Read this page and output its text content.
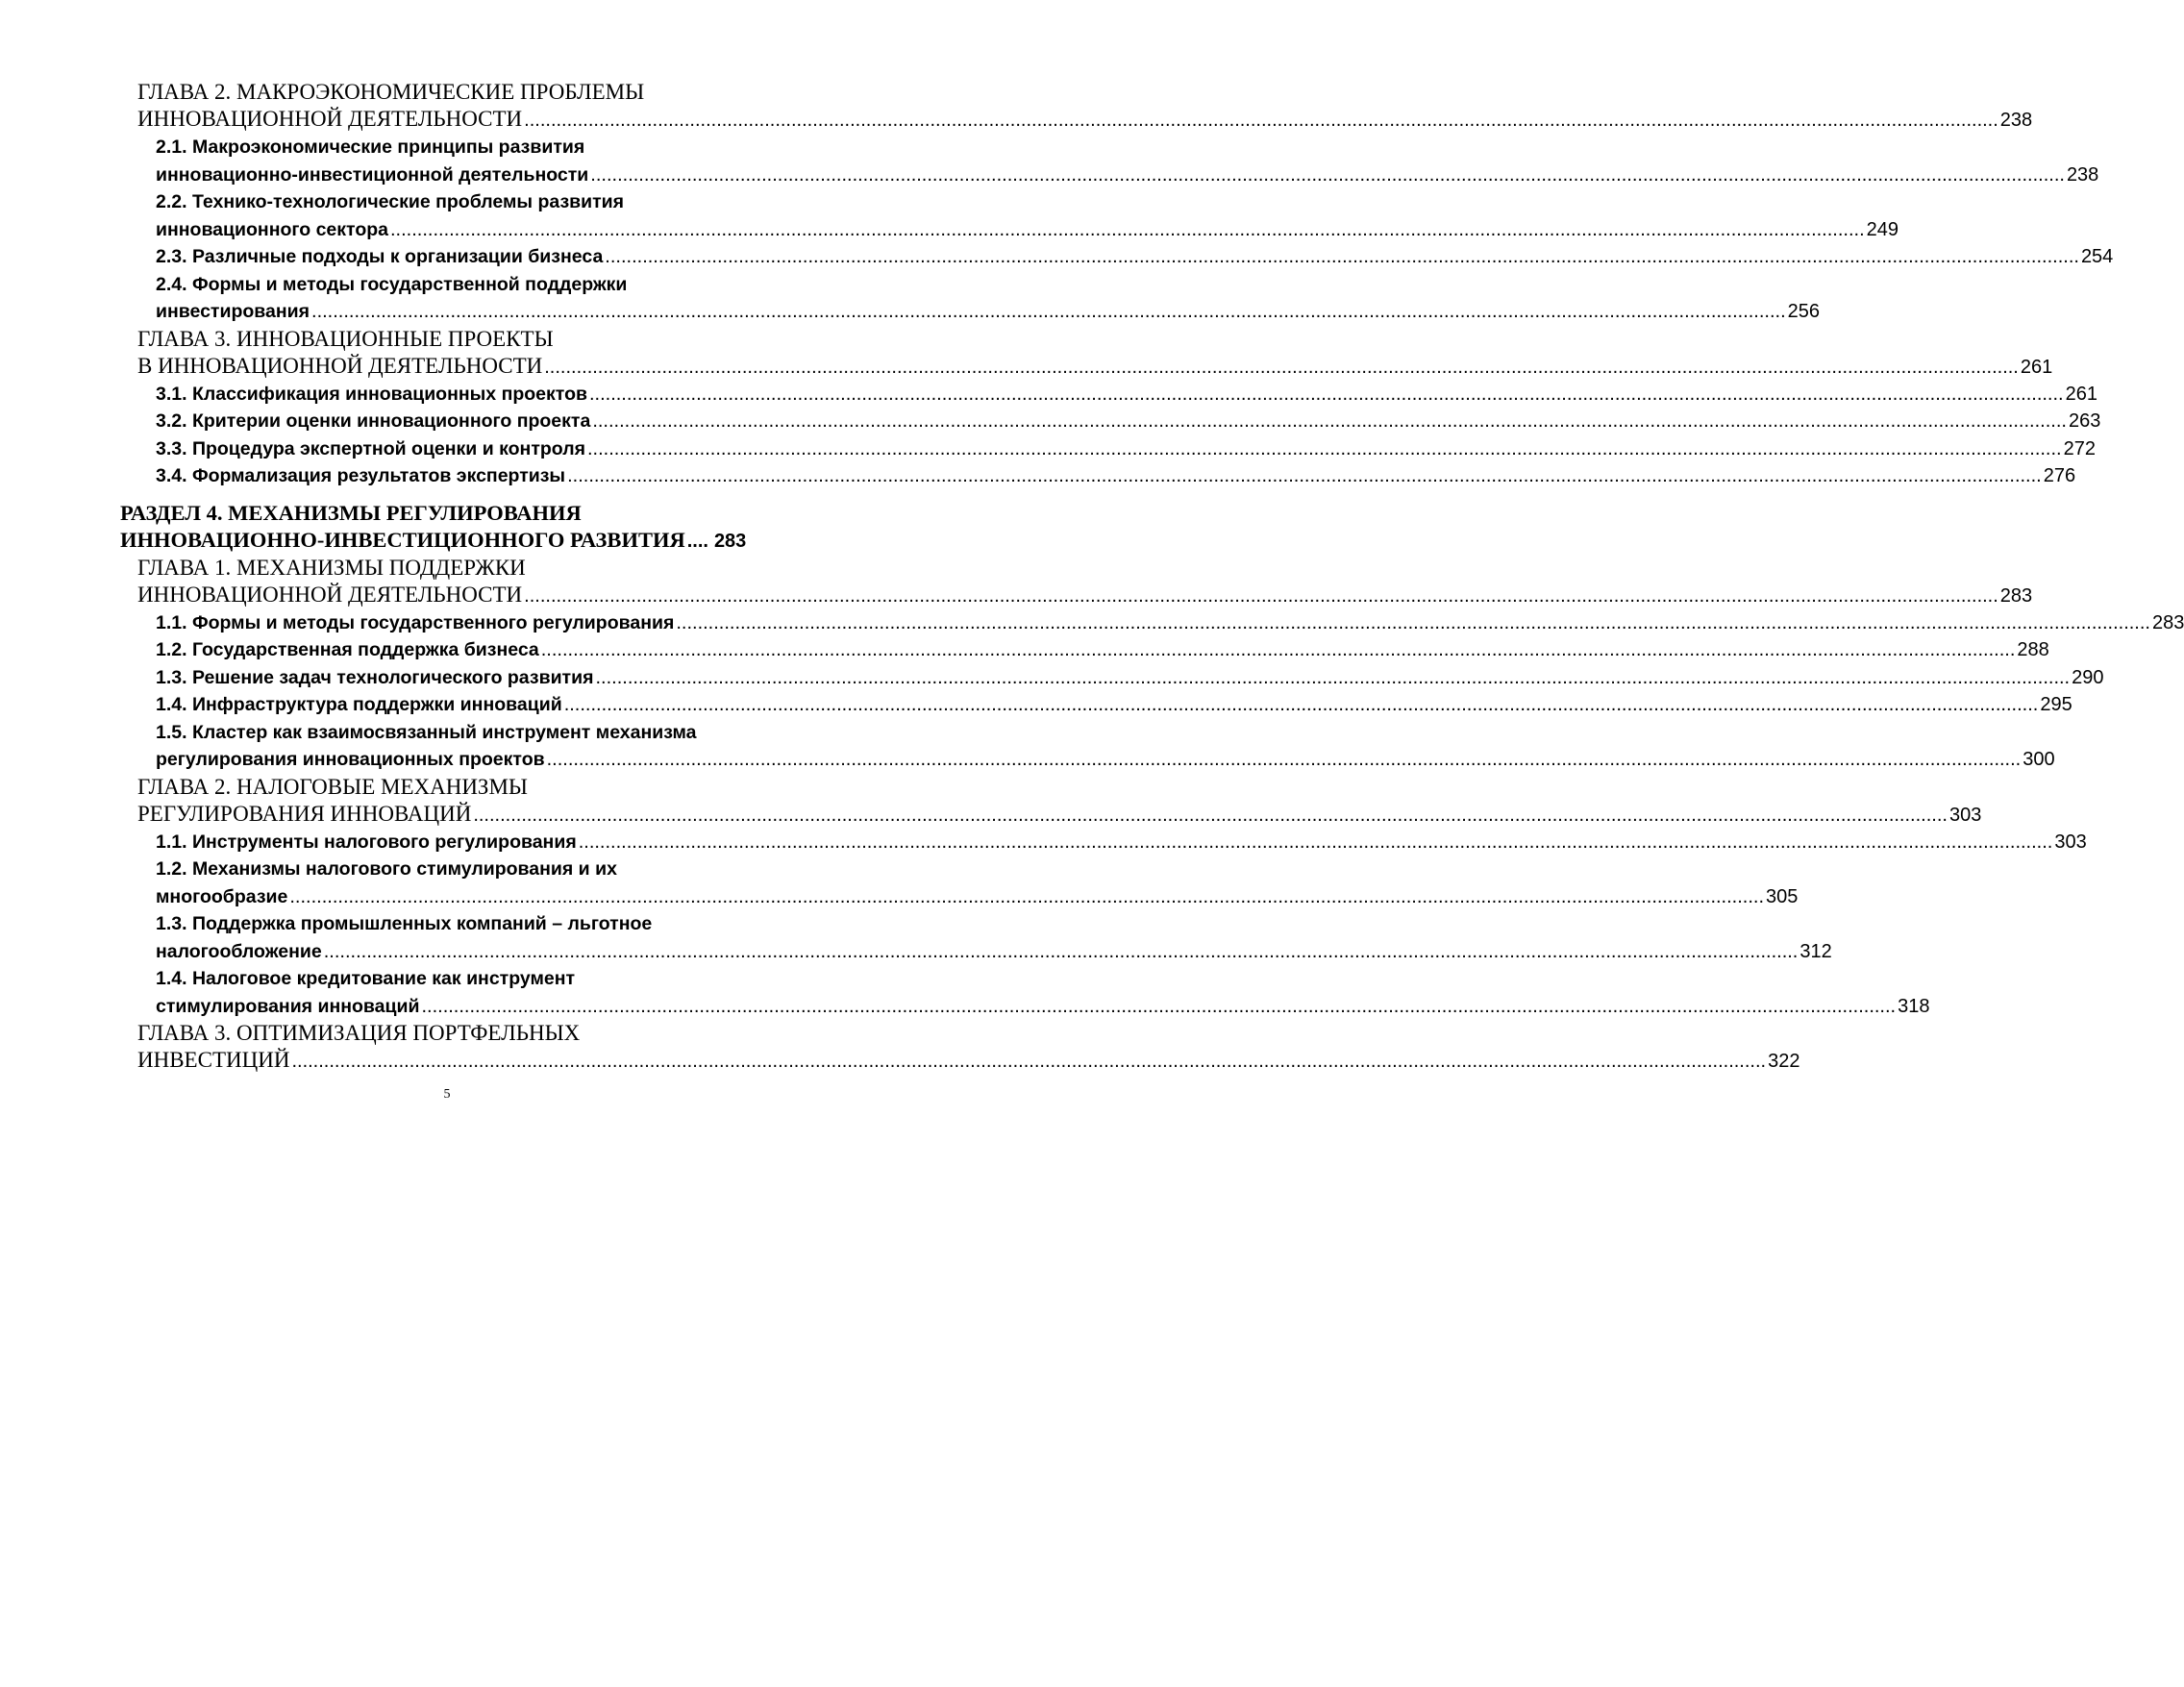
ГЛАВА 2. МАКРОЭКОНОМИЧЕСКИЕ ПРОБЛЕМЫ
ИННОВАЦИОННОЙ ДЕЯТЕЛЬНОСТИ .....	238
2.1. Макроэкономические принципы развития
инновационно-инвестиционной деятельности .....	238
2.2. Технико-технологические проблемы развития
инновационного сектора .....	249
2.3. Различные подходы к организации бизнеса .....	254
2.4. Формы и методы государственной поддержки
инвестирования .....	256
ГЛАВА 3. ИННОВАЦИОННЫЕ ПРОЕКТЫ
В ИННОВАЦИОННОЙ ДЕЯТЕЛЬНОСТИ .....	261
3.1. Классификация инновационных проектов .....	261
3.2. Критерии оценки инновационного проекта .....	263
3.3. Процедура экспертной оценки и контроля .....	272
3.4. Формализация результатов экспертизы .....	276
РАЗДЕЛ 4. МЕХАНИЗМЫ РЕГУЛИРОВАНИЯ
ИННОВАЦИОННО-ИНВЕСТИЦИОННОГО РАЗВИТИЯ .... 283
ГЛАВА 1. МЕХАНИЗМЫ ПОДДЕРЖКИ
ИННОВАЦИОННОЙ ДЕЯТЕЛЬНОСТИ .....	283
1.1. Формы и методы государственного регулирования .....	283
1.2. Государственная поддержка бизнеса .....	288
1.3. Решение задач технологического развития .....	290
1.4. Инфраструктура поддержки инноваций .....	295
1.5. Кластер как взаимосвязанный инструмент механизма
регулирования инновационных проектов .....	300
ГЛАВА 2. НАЛОГОВЫЕ МЕХАНИЗМЫ
РЕГУЛИРОВАНИЯ ИННОВАЦИЙ .....	303
1.1. Инструменты налогового регулирования .....	303
1.2. Механизмы налогового стимулирования и их
многообразие .....	305
1.3. Поддержка промышленных компаний – льготное
налогообложение .....	312
1.4. Налоговое кредитование как инструмент
стимулирования инноваций .....	318
ГЛАВА 3. ОПТИМИЗАЦИЯ ПОРТФЕЛЬНЫХ
ИНВЕСТИЦИЙ .....	322
5
